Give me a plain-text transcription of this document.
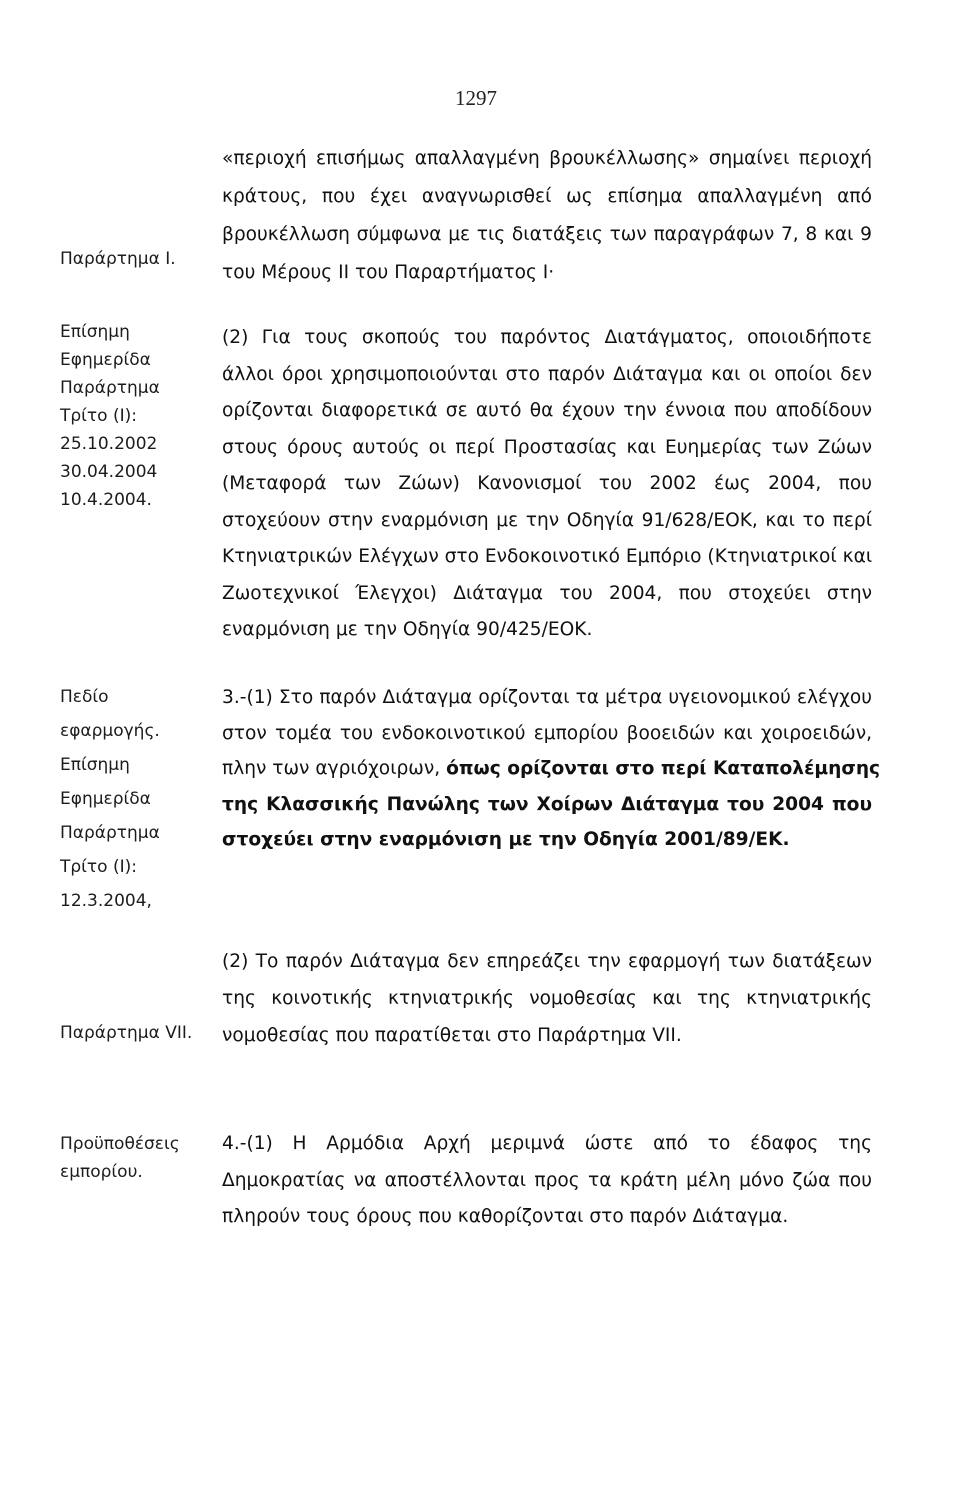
1297
Παράρτημα Ι.
«περιοχή επισήμως απαλλαγμένη βρουκέλλωσης» σημαίνει περιοχή
κράτους, που έχει αναγνωρισθεί ως επίσημα απαλλαγμένη από
βρουκέλλωση σύμφωνα με τις διατάξεις των παραγράφων 7, 8 και 9
του Μέρους ΙΙ του Παραρτήματος Ι·
Επίσημη
Εφημερίδα
Παράρτημα
Τρίτο (Ι):
25.10.2002
30.04.2004
10.4.2004.
(2) Για τους σκοπούς του παρόντος Διατάγματος, οποιοιδήποτε
άλλοι όροι χρησιμοποιούνται στο παρόν Διάταγμα και οι οποίοι δεν
ορίζονται διαφορετικά σε αυτό θα έχουν την έννοια που αποδίδουν
στους όρους αυτούς οι περί Προστασίας και Ευημερίας των Ζώων
(Μεταφορά των Ζώων) Κανονισμοί του 2002 έως 2004, που
στοχεύουν στην εναρμόνιση με την Οδηγία 91/628/ΕΟΚ, και το περί
Κτηνιατρικών Ελέγχων στο Ενδοκοινοτικό Εμπόριο (Κτηνιατρικοί και
Ζωοτεχνικοί Έλεγχοι) Διάταγμα του 2004, που στοχεύει στην
εναρμόνιση με την Οδηγία 90/425/ΕΟΚ.
Πεδίο
εφαρμογής.
Επίσημη
Εφημερίδα
Παράρτημα
Τρίτο (Ι):
12.3.2004,
3.-(1) Στο παρόν Διάταγμα ορίζονται τα μέτρα υγειονομικού ελέγχου
στον τομέα του ενδοκοινοτικού εμπορίου βοοειδών και χοιροειδών,
πλην των αγριόχοιρων, όπως ορίζονται στο περί Καταπολέμησης
της Κλασσικής Πανώλης των Χοίρων Διάταγμα του 2004 που
στοχεύει στην εναρμόνιση με την Οδηγία 2001/89/ΕΚ.
Παράρτημα VII.
(2) Το παρόν Διάταγμα δεν επηρεάζει την εφαρμογή των διατάξεων
της κοινοτικής κτηνιατρικής νομοθεσίας και της κτηνιατρικής
νομοθεσίας που παρατίθεται στο Παράρτημα VII.
Προϋποθέσεις
εμπορίου.
4.-(1) Η Αρμόδια Αρχή μεριμνά ώστε από το έδαφος της
Δημοκρατίας να αποστέλλονται προς τα κράτη μέλη μόνο ζώα που
πληρούν τους όρους που καθορίζονται στο παρόν Διάταγμα.
